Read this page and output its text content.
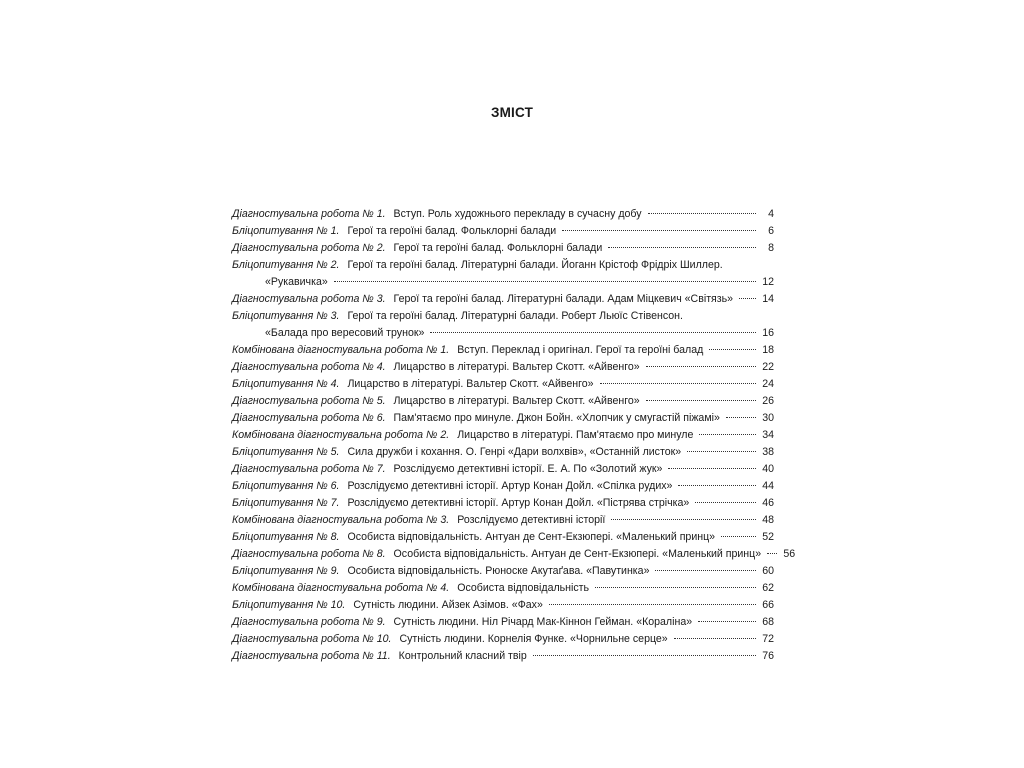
ЗМІСТ
Діагностувальна робота № 1. Вступ. Роль художнього перекладу в сучасну добу	4
Бліцопитування № 1. Герої та героїні балад. Фольклорні балади	6
Діагностувальна робота № 2. Герої та героїні балад. Фольклорні балади	8
Бліцопитування № 2. Герої та героїні балад. Літературні балади. Йоганн Крістоф Фрідріх Шиллер.
«Рукавичка»	12
Діагностувальна робота № 3. Герої та героїні балад. Літературні балади. Адам Міцкевич «Світязь»	14
Бліцопитування № 3. Герої та героїні балад. Літературні балади. Роберт Льюїс Стівенсон.
«Балада про вересовий трунок»	16
Комбінована діагностувальна робота № 1. Вступ. Переклад і оригінал. Герої та героїні балад	18
Діагностувальна робота № 4. Лицарство в літературі. Вальтер Скотт. «Айвенго»	22
Бліцопитування № 4. Лицарство в літературі. Вальтер Скотт. «Айвенго»	24
Діагностувальна робота № 5. Лицарство в літературі. Вальтер Скотт. «Айвенго»	26
Діагностувальна робота № 6. Пам'ятаємо про минуле. Джон Бойн. «Хлопчик у смугастій піжамі»	30
Комбінована діагностувальна робота № 2. Лицарство в літературі. Пам'ятаємо про минуле	34
Бліцопитування № 5. Сила дружби і кохання. О. Генрі «Дари волхвів», «Останній листок»	38
Діагностувальна робота № 7. Розслідуємо детективні історії. Е. А. По «Золотий жук»	40
Бліцопитування № 6. Розслідуємо детективні історії. Артур Конан Дойл. «Спілка рудих»	44
Бліцопитування № 7. Розслідуємо детективні історії. Артур Конан Дойл. «Пістрява стрічка»	46
Комбінована діагностувальна робота № 3. Розслідуємо детективні історії	48
Бліцопитування № 8. Особиста відповідальність. Антуан де Сент-Екзюпері. «Маленький принц»	52
Діагностувальна робота № 8. Особиста відповідальність. Антуан де Сент-Екзюпері. «Маленький принц» 56
Бліцопитування № 9. Особиста відповідальність. Рюноске Акутаґава. «Павутинка»	60
Комбінована діагностувальна робота № 4. Особиста відповідальність	62
Бліцопитування № 10. Сутність людини. Айзек Азімов. «Фах»	66
Діагностувальна робота № 9. Сутність людини. Ніл Річард Мак-Кіннон Гейман. «Кораліна»	68
Діагностувальна робота № 10. Сутність людини. Корнелія Функе. «Чорнильне серце»	72
Діагностувальна робота № 11. Контрольний класний твір	76
